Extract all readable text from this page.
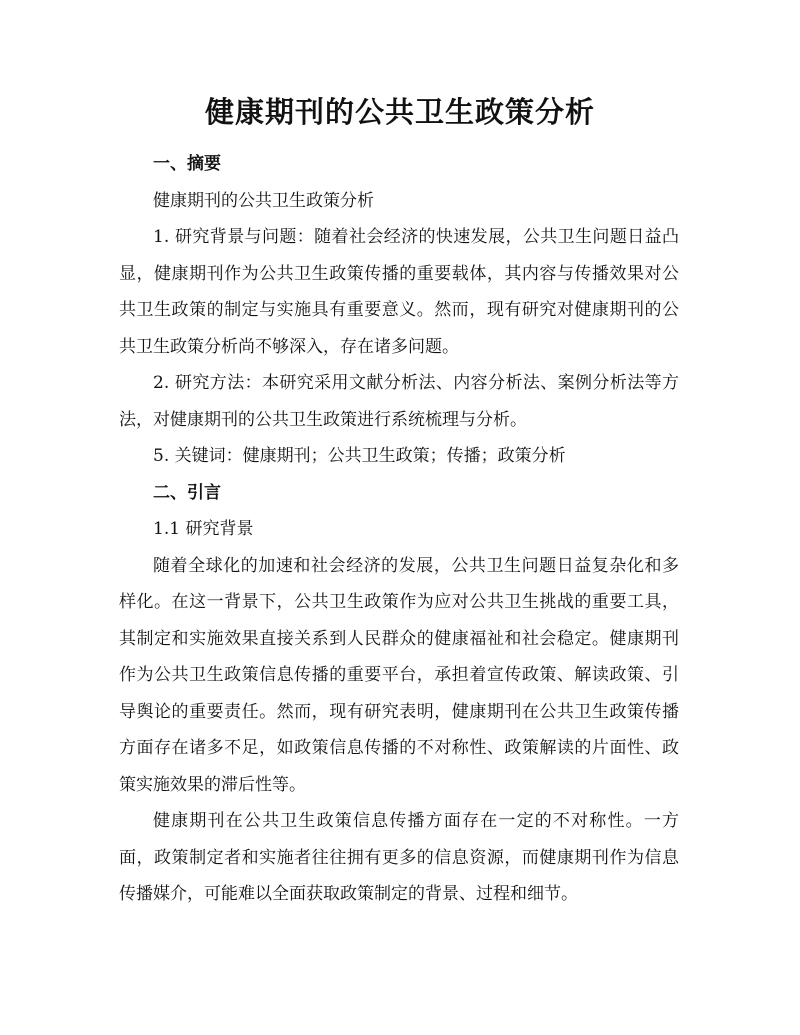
健康期刊的公共卫生政策分析
一、摘要

健康期刊的公共卫生政策分析

1. 研究背景与问题：随着社会经济的快速发展，公共卫生问题日益凸显，健康期刊作为公共卫生政策传播的重要载体，其内容与传播效果对公共卫生政策的制定与实施具有重要意义。然而，现有研究对健康期刊的公共卫生政策分析尚不够深入，存在诸多问题。

2. 研究方法：本研究采用文献分析法、内容分析法、案例分析法等方法，对健康期刊的公共卫生政策进行系统梳理与分析。

5. 关键词：健康期刊；公共卫生政策；传播；政策分析

二、引言

1.1 研究背景

随着全球化的加速和社会经济的发展，公共卫生问题日益复杂化和多样化。在这一背景下，公共卫生政策作为应对公共卫生挑战的重要工具，其制定和实施效果直接关系到人民群众的健康福祉和社会稳定。健康期刊作为公共卫生政策信息传播的重要平台，承担着宣传政策、解读政策、引导舆论的重要责任。然而，现有研究表明，健康期刊在公共卫生政策传播方面存在诸多不足，如政策信息传播的不对称性、政策解读的片面性、政策实施效果的滞后性等。

健康期刊在公共卫生政策信息传播方面存在一定的不对称性。一方面，政策制定者和实施者往往拥有更多的信息资源，而健康期刊作为信息传播媒介，可能难以全面获取政策制定的背景、过程和细节。
